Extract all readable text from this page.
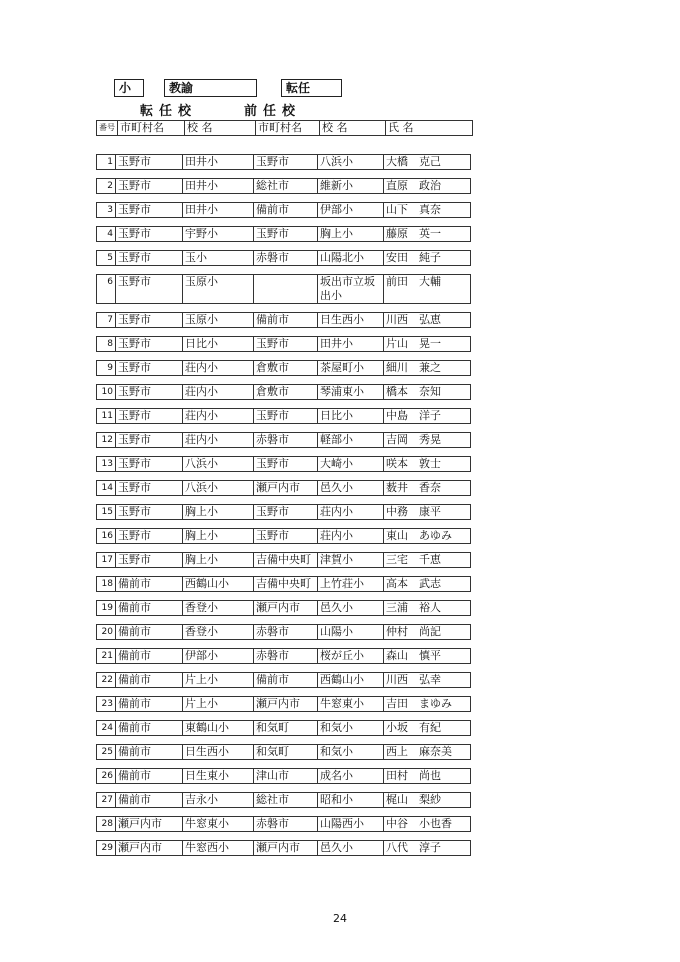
小	教諭	転任
転任校	前任校
番号	市町村名	校 名	市町村名	校 名	氏 名
1	玉野市	田井小	玉野市	八浜小	大橋　克己
2	玉野市	田井小	総社市	維新小	直原　政治
3	玉野市	田井小	備前市	伊部小	山下　真奈
4	玉野市	宇野小	玉野市	胸上小	藤原　英一
5	玉野市	玉小	赤磐市	山陽北小	安田　純子
6	玉野市	玉原小		坂出市立坂出小	前田　大輔
7	玉野市	玉原小	備前市	日生西小	川西　弘恵
8	玉野市	日比小	玉野市	田井小	片山　晃一
9	玉野市	荘内小	倉敷市	茶屋町小	細川　兼之
10	玉野市	荘内小	倉敷市	琴浦東小	橋本　奈知
11	玉野市	荘内小	玉野市	日比小	中島　洋子
12	玉野市	荘内小	赤磐市	軽部小	吉岡　秀晃
13	玉野市	八浜小	玉野市	大崎小	咲本　敦士
14	玉野市	八浜小	瀬戸内市	邑久小	薮井　香奈
15	玉野市	胸上小	玉野市	荘内小	中務　康平
16	玉野市	胸上小	玉野市	荘内小	東山　あゆみ
17	玉野市	胸上小	吉備中央町	津賀小	三宅　千恵
18	備前市	西鶴山小	吉備中央町	上竹荘小	高本　武志
19	備前市	香登小	瀬戸内市	邑久小	三浦　裕人
20	備前市	香登小	赤磐市	山陽小	仲村　尚記
21	備前市	伊部小	赤磐市	桜が丘小	森山　慎平
22	備前市	片上小	備前市	西鶴山小	川西　弘幸
23	備前市	片上小	瀬戸内市	牛窓東小	吉田　まゆみ
24	備前市	東鶴山小	和気町	和気小	小坂　有紀
25	備前市	日生西小	和気町	和気小	西上　麻奈美
26	備前市	日生東小	津山市	成名小	田村　尚也
27	備前市	吉永小	総社市	昭和小	梶山　梨紗
28	瀬戸内市	牛窓東小	赤磐市	山陽西小	中谷　小也香
29	瀬戸内市	牛窓西小	瀬戸内市	邑久小	八代　淳子
24
